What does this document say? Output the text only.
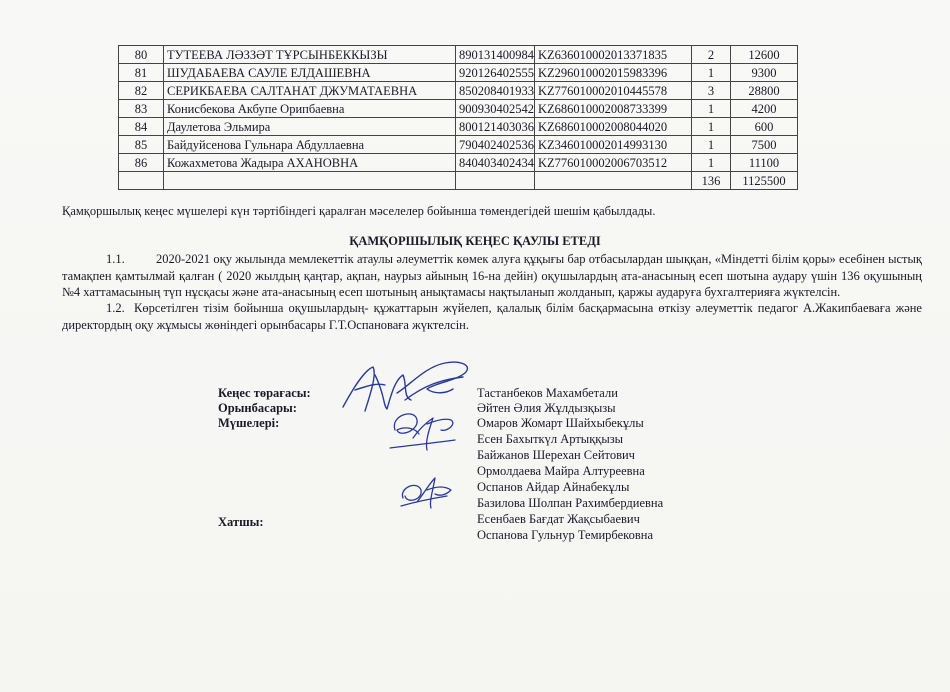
80	ТУТЕЕВА ЛӘЗЗӘТ ТҰРСЫНБЕККЫЗЫ	890131400984	KZ636010002013371835	2	12600
81	ШУДАБАЕВА САУЛЕ ЕЛДАШЕВНА	920126402555	KZ296010002015983396	1	9300
82	СЕРИКБАЕВА САЛТАНАТ ДЖУМАТАЕВНА	850208401933	KZ776010002010445578	3	28800
83	Конисбекова Акбупе Орипбаевна	900930402542	KZ686010002008733399	1	4200
84	Даулетова Эльмира	800121403036	KZ686010002008044020	1	600
85	Байдуйсенова Гульнара Абдуллаевна	790402402536	KZ346010002014993130	1	7500
86	Кожахметова Жадыра АХАНОВНА	840403402434	KZ776010002006703512	1	11100
				136	1125500
Қамқоршылық кеңес мүшелері күн тәртібіндегі қаралған мәселелер бойынша төмендегідей шешім қабылдады.
ҚАМҚОРШЫЛЫҚ КЕҢЕС ҚАУЛЫ ЕТЕДІ
1.1.	2020-2021 оқу жылында мемлекеттік атаулы әлеуметтік көмек алуға құқығы бар отбасылардан шыққан, «Міндетті білім қоры» есебінен ыстық тамақпен қамтылмай қалған ( 2020 жылдың қаңтар, ақпан, наурыз айының 16-на дейін) оқушылардың ата-анасының есеп шотына аудару үшін 136 оқушының №4 хаттамасының түп нұсқасы және ата-анасының есеп шотының анықтамасы нақтыланып жолданып, қаржы аударуға бухгалтерияға жүктелсін.
1.2. Көрсетілген тізім бойынша оқушылардың- құжаттарын жүйелеп, қалалық білім басқармасына өткізу әлеуметтік педагог А.Жакипбаеваға және директордың оқу жұмысы жөніндегі орынбасары Г.Т.Оспановаға жүктелсін.
Кеңес төрағасы:
Орынбасары:
Мүшелері:
Хатшы:
Тастанбеков Махамбетали
Әйтен Әлия Жұлдызқызы
Омаров Жомарт Шайхыбекұлы
Есен Бахыткүл Артыққызы
Байжанов Шерехан Сейтович
Ормолдаева Майра Алтуреевна
Оспанов Айдар Айнабекұлы
Базилова Шолпан Рахимбердиевна
Есенбаев Бағдат Жақсыбаевич
Оспанова Гульнур Темирбековна
